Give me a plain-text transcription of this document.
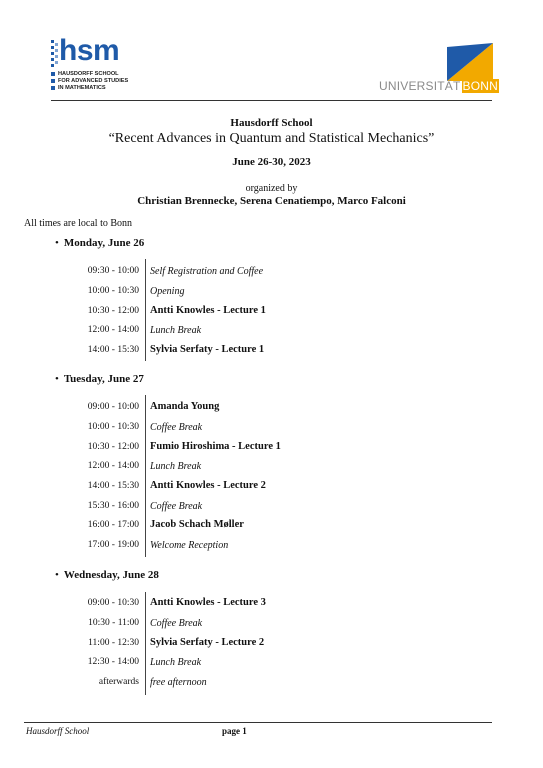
hsm
HAUSDORFF SCHOOL
FOR ADVANCED STUDIES
IN MATHEMATICS	UNIVERSITÄT BONN
Hausdorff School
“Recent Advances in Quantum and Statistical Mechanics”
June 26-30, 2023
organized by
Christian Brennecke, Serena Cenatiempo, Marco Falconi
All times are local to Bonn
• Monday, June 26
09:30 - 10:00 Self Registration and Coffee
10:00 - 10:30 Opening
10:30 - 12:00 Antti Knowles - Lecture 1
12:00 - 14:00 Lunch Break
14:00 - 15:30 Sylvia Serfaty - Lecture 1
• Tuesday, June 27
09:00 - 10:00 Amanda Young
10:00 - 10:30 Coffee Break
10:30 - 12:00 Fumio Hiroshima - Lecture 1
12:00 - 14:00 Lunch Break
14:00 - 15:30 Antti Knowles - Lecture 2
15:30 - 16:00 Coffee Break
16:00 - 17:00 Jacob Schach Møller
17:00 - 19:00 Welcome Reception
• Wednesday, June 28
09:00 - 10:30 Antti Knowles - Lecture 3
10:30 - 11:00 Coffee Break
11:00 - 12:30 Sylvia Serfaty - Lecture 2
12:30 - 14:00 Lunch Break
afterwards free afternoon
Hausdorff School	page 1
